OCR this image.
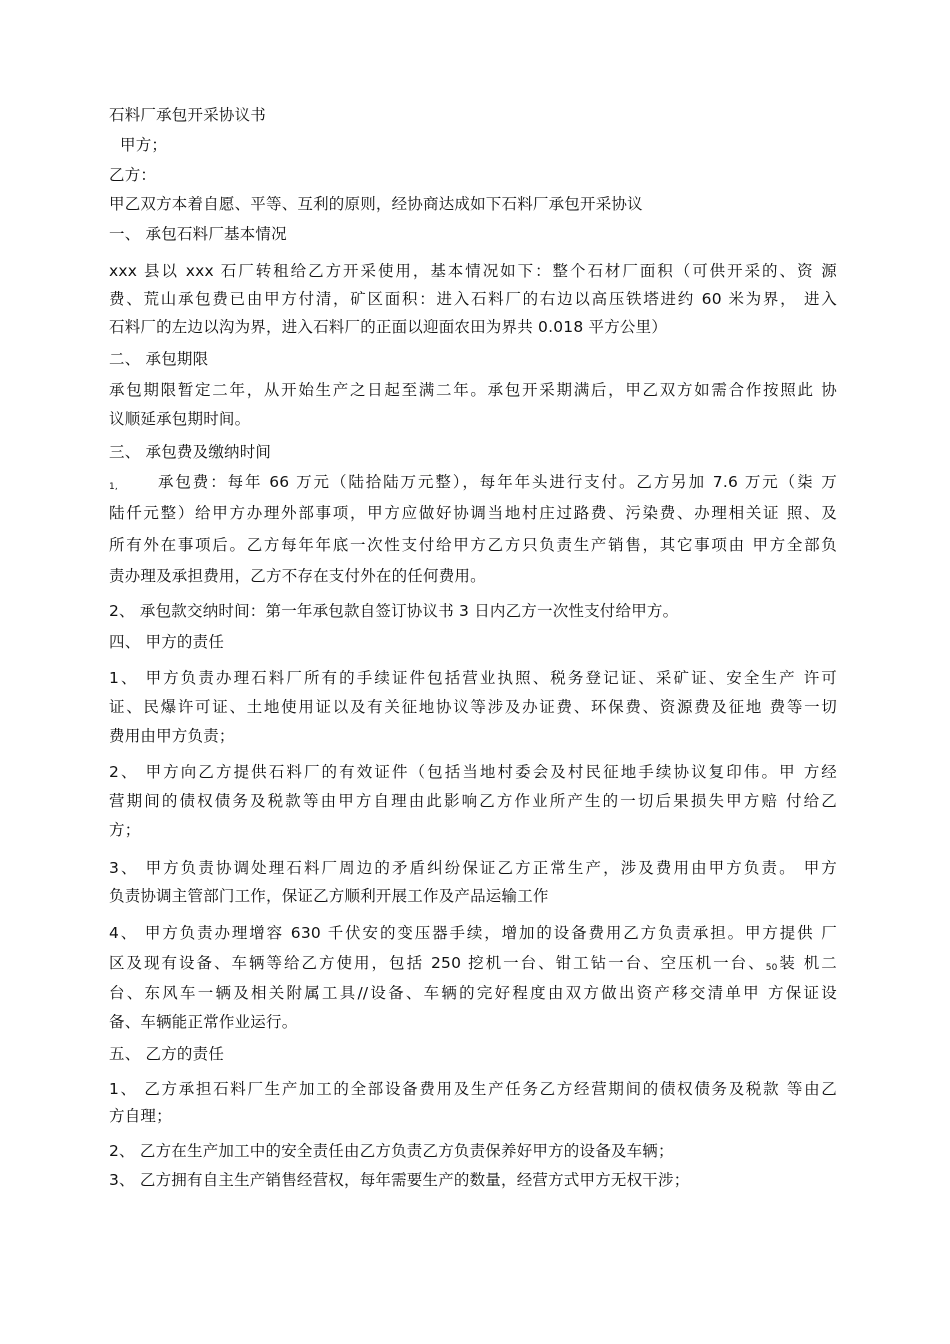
石料厂承包开采协议书
甲方；
乙方：
甲乙双方本着自愿、平等、互利的原则，经协商达成如下石料厂承包开采协议
一、 承包石料厂基本情况
xxx 县以 xxx 石厂转租给乙方开采使用，基本情况如下：整个石材厂面积（可供开采的、资 源
费、荒山承包费已由甲方付清，矿区面积：进入石料厂的右边以高压铁塔进约 60 米为界， 进入
石料厂的左边以沟为界，进入石料厂的正面以迎面农田为界共 0.018 平方公里）
二、 承包期限
承包期限暂定二年，从开始生产之日起至满二年。承包开采期满后，甲乙双方如需合作按照此 协
议顺延承包期时间。
三、 承包费及缴纳时间
1,	承包费：每年 66 万元（陆拾陆万元整），每年年头进行支付。乙方另加 7.6 万元（柒 万
陆仟元整）给甲方办理外部事项，甲方应做好协调当地村庄过路费、污染费、办理相关证 照、及
所有外在事项后。乙方每年年底一次性支付给甲方乙方只负责生产销售，其它事项由 甲方全部负
责办理及承担费用，乙方不存在支付外在的任何费用。
2、 承包款交纳时间：第一年承包款自签订协议书 3 日内乙方一次性支付给甲方。
四、 甲方的责任
1、 甲方负责办理石料厂所有的手续证件包括营业执照、税务登记证、采矿证、安全生产 许可
证、民爆许可证、土地使用证以及有关征地协议等涉及办证费、环保费、资源费及征地 费等一切
费用由甲方负责；
2、 甲方向乙方提供石料厂的有效证件（包括当地村委会及村民征地手续协议复印伟。甲 方经
营期间的债权债务及税款等由甲方自理由此影响乙方作业所产生的一切后果损失甲方赔 付给乙
方；
3、 甲方负责协调处理石料厂周边的矛盾纠纷保证乙方正常生产，涉及费用由甲方负责。 甲方
负责协调主管部门工作，保证乙方顺利开展工作及产品运输工作
4、 甲方负责办理增容 630 千伏安的变压器手续，增加的设备费用乙方负责承担。甲方提供 厂
区及现有设备、车辆等给乙方使用，包括 250 挖机一台、钳工钻一台、空压机一台、50装 机二
台、东风车一辆及相关附属工具//设备、车辆的完好程度由双方做出资产移交清单甲 方保证设
备、车辆能正常作业运行。
五、 乙方的责任
1、 乙方承担石料厂生产加工的全部设备费用及生产任务乙方经营期间的债权债务及税款 等由乙
方自理；
2、 乙方在生产加工中的安全责任由乙方负责乙方负责保养好甲方的设备及车辆；
3、 乙方拥有自主生产销售经营权，每年需要生产的数量，经营方式甲方无权干涉；
